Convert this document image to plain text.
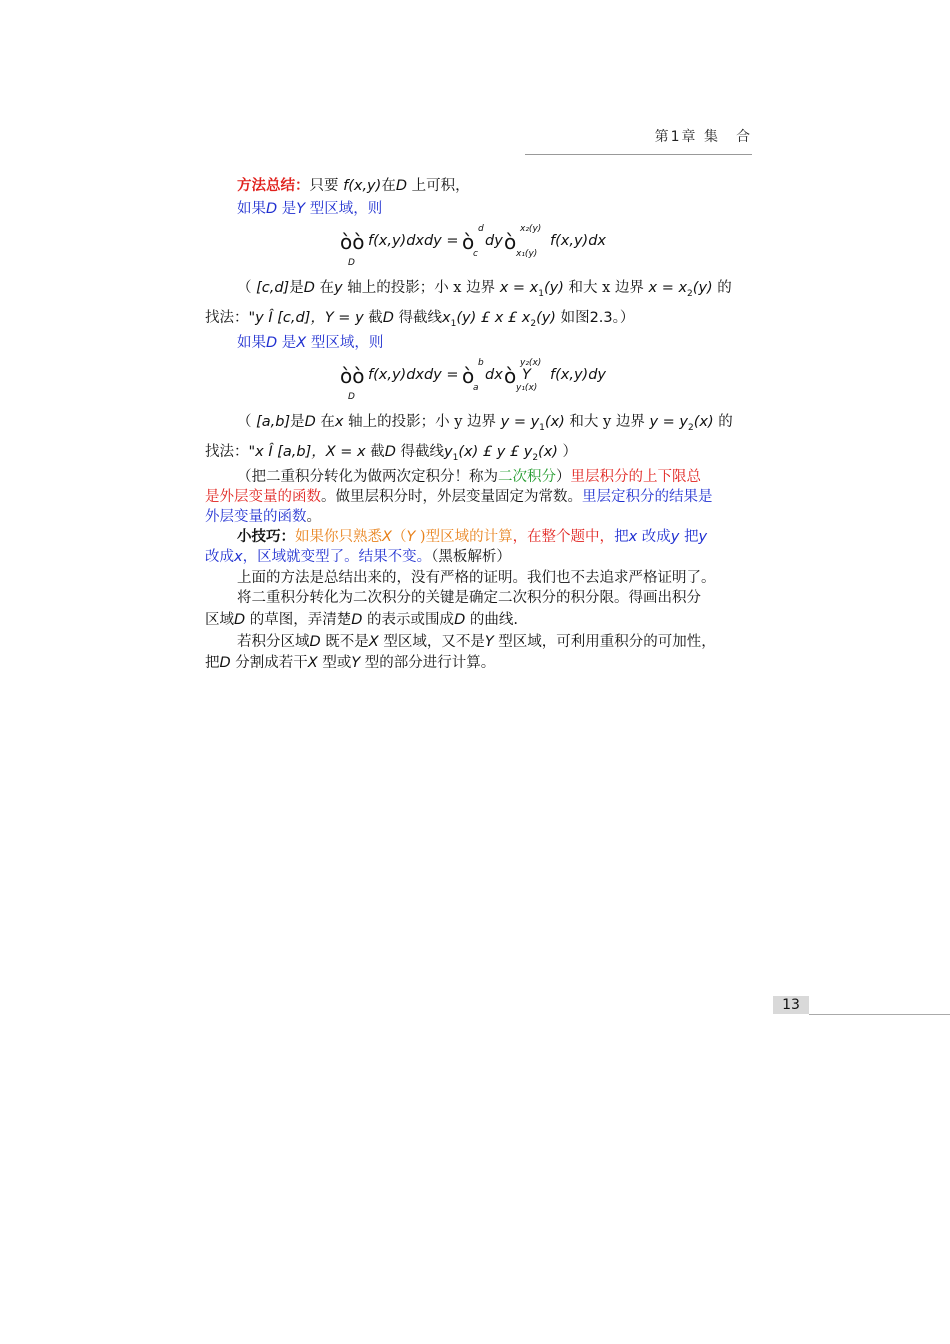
第1章 集　合
方法总结：只要 f(x,y)在D 上可积，
如果D 是Y 型区域，则
òò f(x,y)dxdy =
D
ò
d
c
dy ò
x₂(y)
x₁(y)
f(x,y)dx
（ [c,d]是D 在y 轴上的投影；小 x 边界 $x = x_1(y)$ 和大 x 边界 $x = x_2(y)$ 的
找法："y Î [c,d]，Y = y 截D 得截线$x_1(y)$ £ x £ $x_2(y)$ 如图2.3。）
如果D 是X 型区域，则
òò f(x,y)dxdy =
D
ò
b
a
dx ò
y₂(x)
y₁(x)
Y f(x,y)dy
（ [a,b]是D 在x 轴上的投影；小 y 边界 $y = y_1(x)$ 和大 y 边界 $y = y_2(x)$ 的
找法："x Î [a,b]，X = x 截D 得截线$y_1(x)$ £ y £ $y_2(x)$ ）
（把二重积分转化为做两次定积分！称为二次积分）里层积分的上下限总
是外层变量的函数。做里层积分时，外层变量固定为常数。里层定积分的结果是
外层变量的函数。
小技巧：如果你只熟悉X（Y )型区域的计算，在整个题中，把x 改成y 把y
改成x，区域就变型了。结果不变。（黑板解析）
上面的方法是总结出来的，没有严格的证明。我们也不去追求严格证明了。
将二重积分转化为二次积分的关键是确定二次积分的积分限。得画出积分
区域D 的草图，弄清楚D 的表示或围成D 的曲线.
若积分区域D 既不是X 型区域，又不是Y 型区域，可利用重积分的可加性，
把D 分割成若干X 型或Y 型的部分进行计算。
13
